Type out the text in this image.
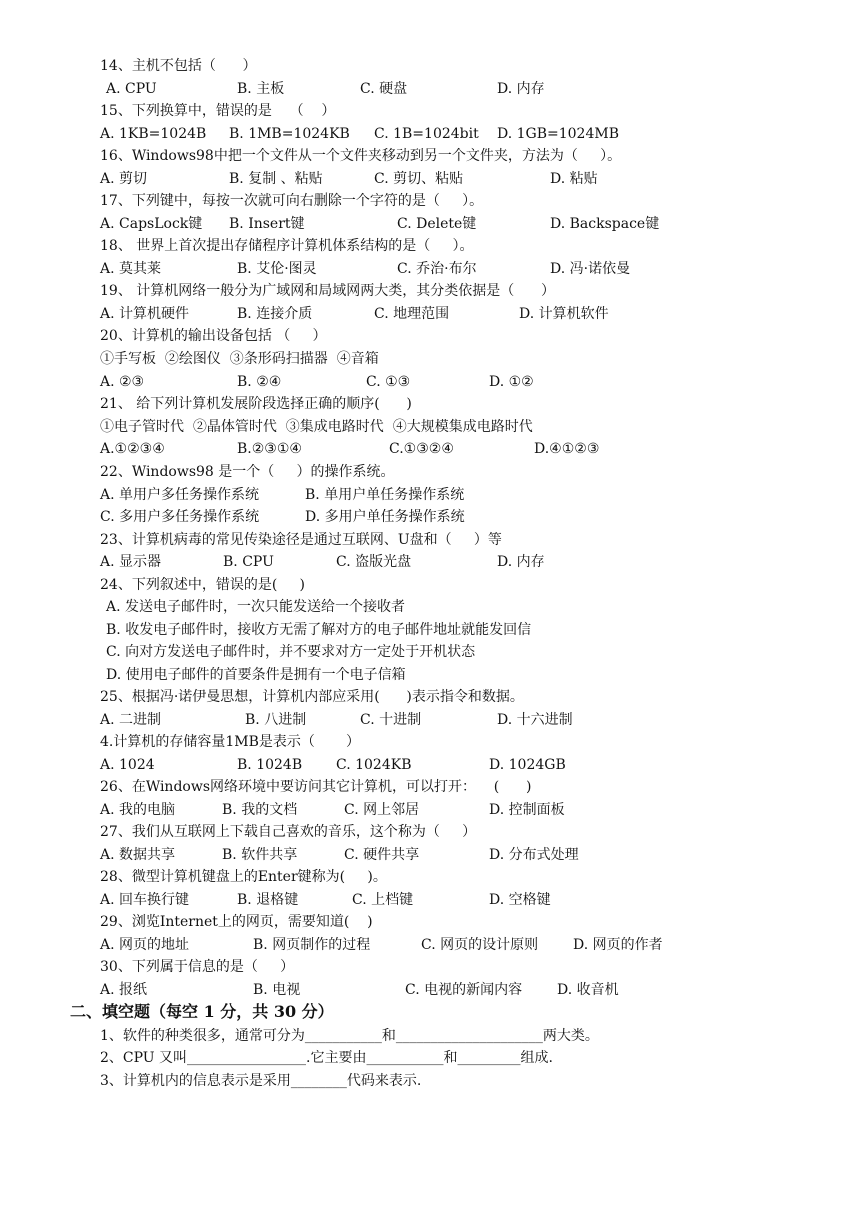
14、主机不包括（      ）
A. CPU	B. 主板	C. 硬盘	D. 内存
15、下列换算中，错误的是    （    ）
A. 1KB=1024B B. 1MB=1024KB C. 1B=1024bit D. 1GB=1024MB
16、Windows98中把一个文件从一个文件夹移动到另一个文件夹，方法为（     ）。
A. 剪切	B. 复制 、粘贴	C. 剪切、粘贴	D. 粘贴
17、下列键中，每按一次就可向右删除一个字符的是（     ）。
A. CapsLock键 B. Insert键	C. Delete键	D. Backspace键
18、 世界上首次提出存储程序计算机体系结构的是（     ）。
A. 莫其莱	B. 艾伦·图灵	C. 乔治·布尔	D. 冯·诺依曼
19、 计算机网络一般分为广域网和局域网两大类，其分类依据是（      ）
A. 计算机硬件	B. 连接介质	C. 地理范围	D. 计算机软件
20、计算机的输出设备包括 （     ）
①手写板  ②绘图仪  ③条形码扫描器  ④音箱
A. ②③	B. ②④	C. ①③	D. ①②
21、 给下列计算机发展阶段选择正确的顺序(      )
①电子管时代  ②晶体管时代  ③集成电路时代  ④大规模集成电路时代
A.①②③④	B.②③①④	C.①③②④	D.④①②③
22、Windows98 是一个（     ）的操作系统。
A. 单用户多任务操作系统	B. 单用户单任务操作系统
C. 多用户多任务操作系统	D. 多用户单任务操作系统
23、计算机病毒的常见传染途径是通过互联网、U盘和（     ）等
A. 显示器	B. CPU	C. 盗版光盘	D. 内存
24、下列叙述中，错误的是(     )
A. 发送电子邮件时，一次只能发送给一个接收者
B. 收发电子邮件时，接收方无需了解对方的电子邮件地址就能发回信
C. 向对方发送电子邮件时，并不要求对方一定处于开机状态
D. 使用电子邮件的首要条件是拥有一个电子信箱
25、根据冯·诺伊曼思想，计算机内部应采用(      )表示指令和数据。
A. 二进制	B. 八进制	C. 十进制	D. 十六进制
4.计算机的存储容量1MB是表示（       ）
A. 1024	B. 1024B C. 1024KB	D. 1024GB
26、在Windows网络环境中要访问其它计算机，可以打开：    (      )
A. 我的电脑	B. 我的文档	C. 网上邻居	D. 控制面板
27、我们从互联网上下载自己喜欢的音乐，这个称为（     ）
A. 数据共享	B. 软件共享	C. 硬件共享	D. 分布式处理
28、微型计算机键盘上的Enter键称为(     )。
A. 回车换行键	B. 退格键	C. 上档键	D. 空格键
29、浏览Internet上的网页，需要知道(    )
A. 网页的地址	B. 网页制作的过程	C. 网页的设计原则 D. 网页的作者
30、下列属于信息的是（     ）
A. 报纸	B. 电视	C. 电视的新闻内容 D. 收音机
二、填空题（每空 1 分，共 30 分）
1、软件的种类很多，通常可分为___________和_____________________两大类。
2、CPU 又叫_________________.它主要由___________和_________组成.
3、计算机内的信息表示是采用________代码来表示.
